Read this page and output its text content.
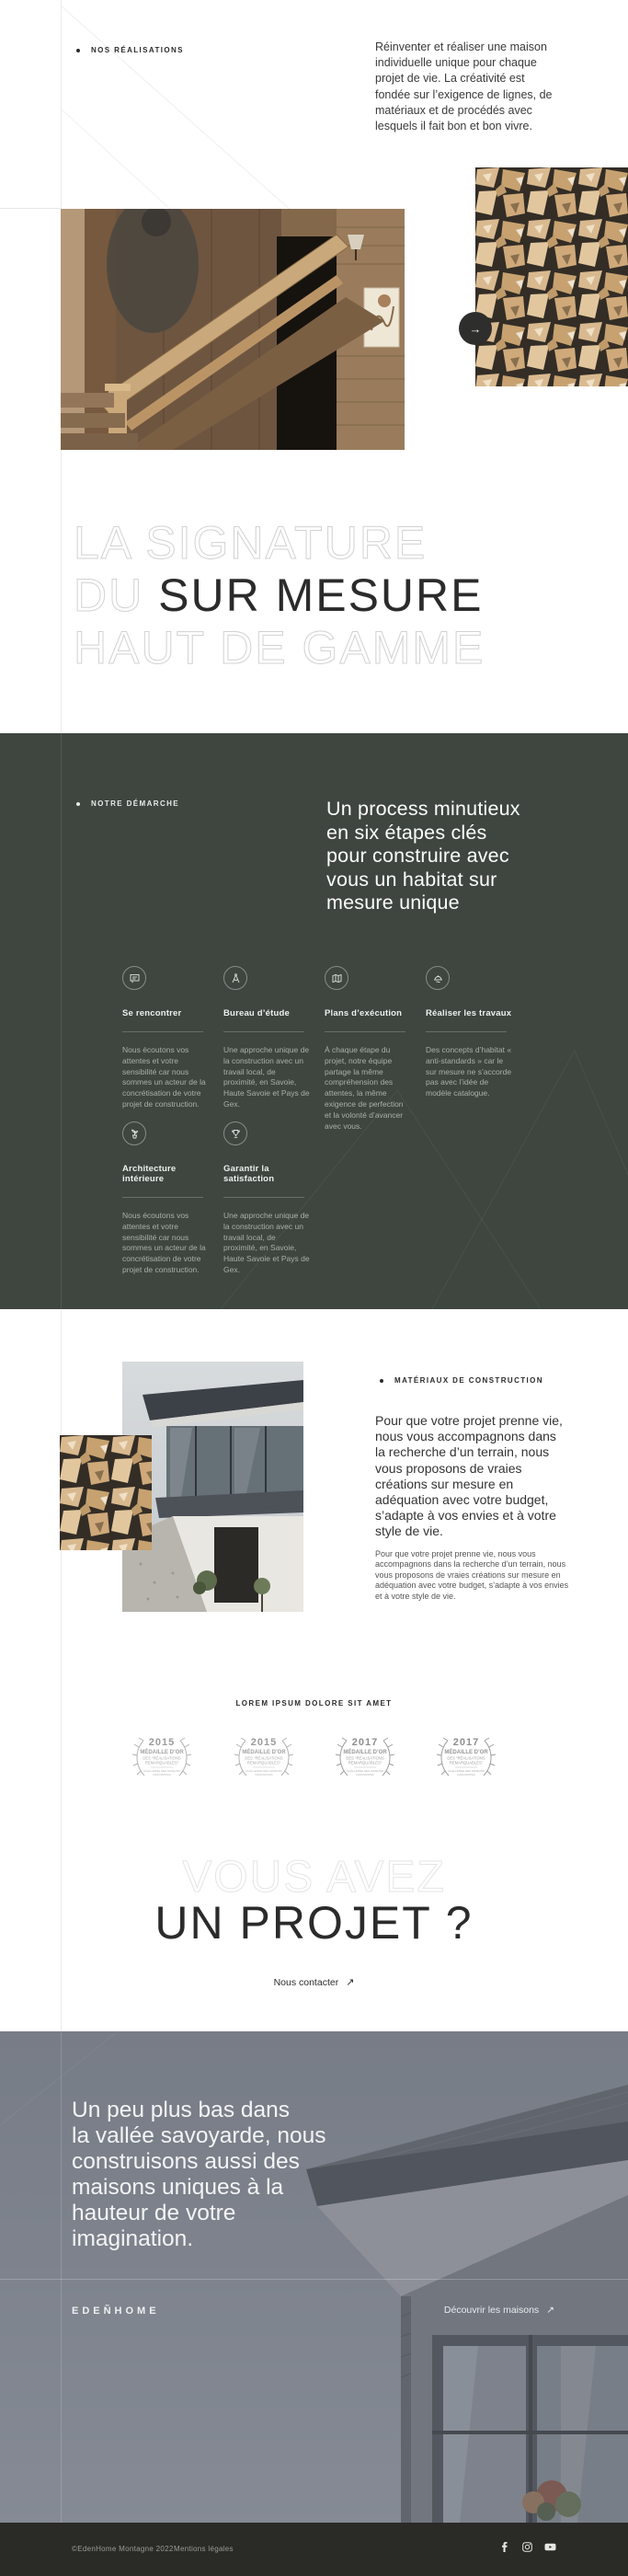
NOS RÉALISATIONS	Réinventer et réaliser une maison individuelle unique pour chaque projet de vie. La créativité est fondée sur l’exigence de lignes, de matériaux et de procédés avec lesquels il fait bon et bon vivre.
→
LA SIGNATURE
DU SUR MESURE
HAUT DE GAMME
NOTRE DÉMARCHE	Un process minutieux
en six étapes clés
pour construire avec
vous un habitat sur
mesure unique
Se rencontrer

Nous écoutons vos attentes et votre sensibilité car nous sommes un acteur de la concrétisation de votre projet de construction.

Bureau d’étude

Une approche unique de la construction avec un travail local, de proximité, en Savoie, Haute Savoie et Pays de Gex.

Plans d’exécution

À chaque étape du projet, notre équipe partage la même compréhension des attentes, la même exigence de perfection et la volonté d’avancer avec vous.

Réaliser les travaux

Des concepts d’habitat « anti-standards » car le sur mesure ne s’accorde pas avec l’idée de modèle catalogue.

Architecture intérieure

Nous écoutons vos attentes et votre sensibilité car nous sommes un acteur de la concrétisation de votre projet de construction.

Garantir la satisfaction

Une approche unique de la construction avec un travail local, de proximité, en Savoie, Haute Savoie et Pays de Gex.

MATÉRIAUX DE CONSTRUCTION
Pour que votre projet prenne vie, nous vous accompagnons dans la recherche d’un terrain, nous vous proposons de vraies créations sur mesure en adéquation avec votre budget, s’adapte à vos envies et à votre style de vie.
Pour que votre projet prenne vie, nous vous accompagnons dans la recherche d’un terrain, nous vous proposons de vraies créations sur mesure en adéquation avec votre budget, s’adapte à vos envies et à votre style de vie.
LOREM IPSUM DOLORE SIT AMET
2015
MÉDAILLE D’OR
DES “RÉALISATIONS
REMARQUABLES”
CHALLENGE DES MAISONS
INNOVANTES
2015
MÉDAILLE D’OR
DES “RÉALISATIONS
REMARQUABLES”
CHALLENGE DES MAISONS
INNOVANTES
2017
MÉDAILLE D’OR
DES “RÉALISATIONS
REMARQUABLES”
CHALLENGE DES MAISONS
INNOVANTES
2017
MÉDAILLE D’OR
DES “RÉALISATIONS
REMARQUABLES”
CHALLENGE DES MAISONS
INNOVANTES
VOUS AVEZ
UN PROJET ?
Nous contacter ↗
Un peu plus bas dans
la vallée savoyarde, nous
construisons aussi des
maisons uniques à la
hauteur de votre
imagination.
EDEÑHOME	Découvrir les maisons ↗
©EdenHome Montagne 2022 Mentions légales
